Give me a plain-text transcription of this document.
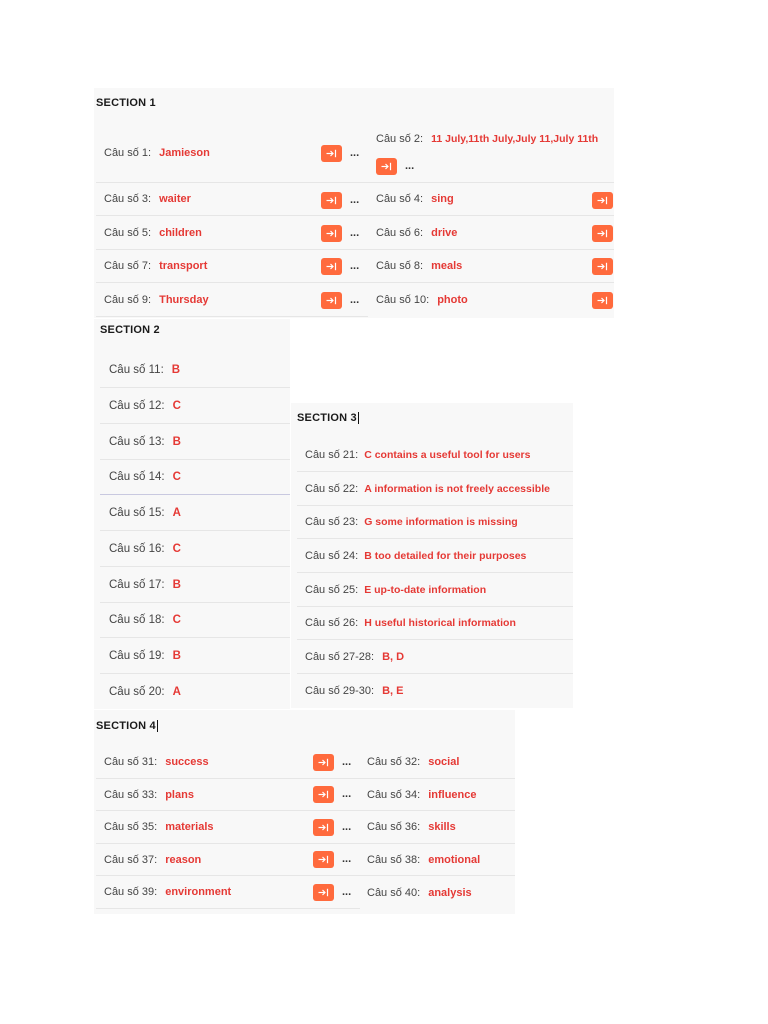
SECTION 1
Câu số 1: Jamieson
Câu số 3: waiter
Câu số 5: children
Câu số 7: transport
Câu số 9: Thursday
Câu số 2: 11 July,11th July,July 11,July 11th
Câu số 4: sing
Câu số 6: drive
Câu số 8: meals
Câu số 10: photo
...
...
...
...
...
...
SECTION 2
Câu số 11: B
Câu số 12: C
Câu số 13: B
Câu số 14: C
Câu số 15: A
Câu số 16: C
Câu số 17: B
Câu số 18: C
Câu số 19: B
Câu số 20: A
SECTION 3
Câu số 21: C contains a useful tool for users
Câu số 22: A information is not freely accessible
Câu số 23: G some information is missing
Câu số 24: B too detailed for their purposes
Câu số 25: E up-to-date information
Câu số 26: H useful historical information
Câu số 27-28: B, D
Câu số 29-30: B, E
SECTION 4
Câu số 31: success
Câu số 33: plans
Câu số 35: materials
Câu số 37: reason
Câu số 39: environment
Câu số 32: social
Câu số 34: influence
Câu số 36: skills
Câu số 38: emotional
Câu số 40: analysis
...
...
...
...
...
